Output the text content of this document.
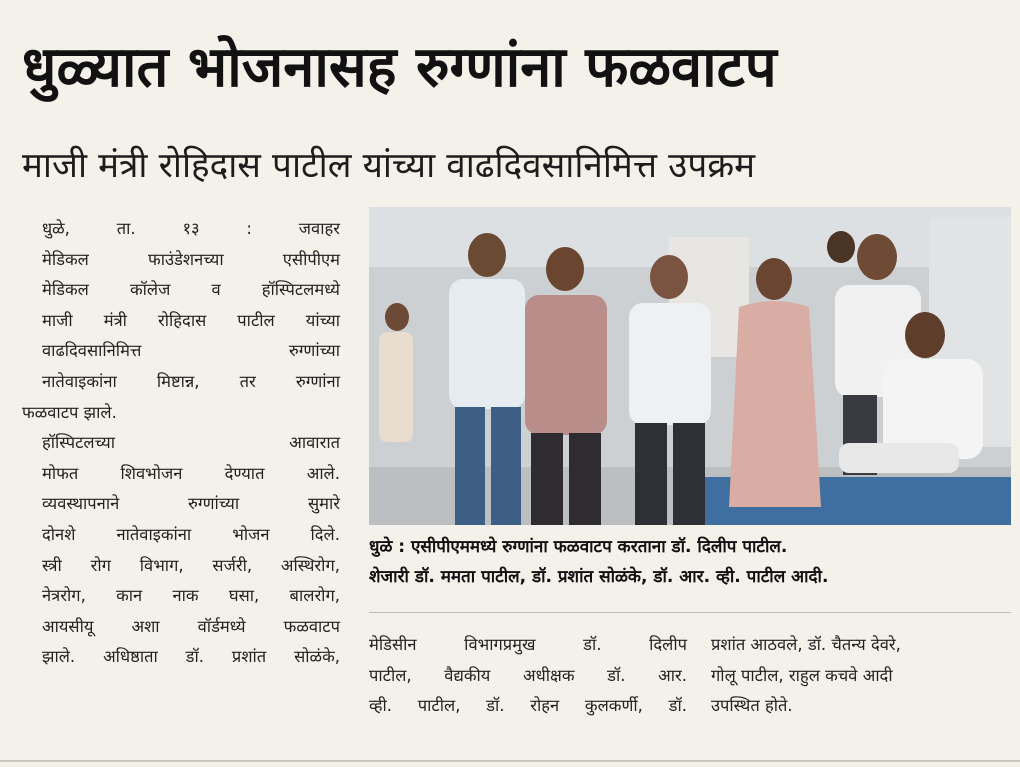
धुळ्यात भोजनासह रुग्णांना फळवाटप
माजी मंत्री रोहिदास पाटील यांच्या वाढदिवसानिमित्त उपक्रम

धुळे, ता. १३ : जवाहर
मेडिकल फाउंडेशनच्या एसीपीएम
मेडिकल कॉलेज व हॉस्पिटलमध्ये
माजी मंत्री रोहिदास पाटील यांच्या
वाढदिवसानिमित्त रुग्णांच्या
नातेवाइकांना मिष्टान्न, तर रुग्णांना

फळवाटप झाले.

हॉस्पिटलच्या आवारात
मोफत शिवभोजन देण्यात आले.
व्यवस्थापनाने रुग्णांच्या सुमारे
दोनशे नातेवाइकांना भोजन दिले.
स्त्री रोग विभाग, सर्जरी, अस्थिरोग,
नेत्ररोग, कान नाक घसा, बालरोग,
आयसीयू अशा वॉर्डमध्ये फळवाटप
झाले. अधिष्ठाता डॉ. प्रशांत सोळंके,

धुळे : एसीपीएममध्ये रुग्णांना फळवाटप करताना डॉ. दिलीप पाटील.
शेजारी डॉ. ममता पाटील, डॉ. प्रशांत सोळंके, डॉ. आर. व्ही. पाटील आदी.
मेडिसीन विभागप्रमुख डॉ. दिलीप
पाटील, वैद्यकीय अधीक्षक डॉ. आर.
व्ही. पाटील, डॉ. रोहन कुलकर्णी, डॉ.
प्रशांत आठवले, डॉ. चैतन्य देवरे,
गोलू पाटील, राहुल कचवे आदी
उपस्थित होते.
